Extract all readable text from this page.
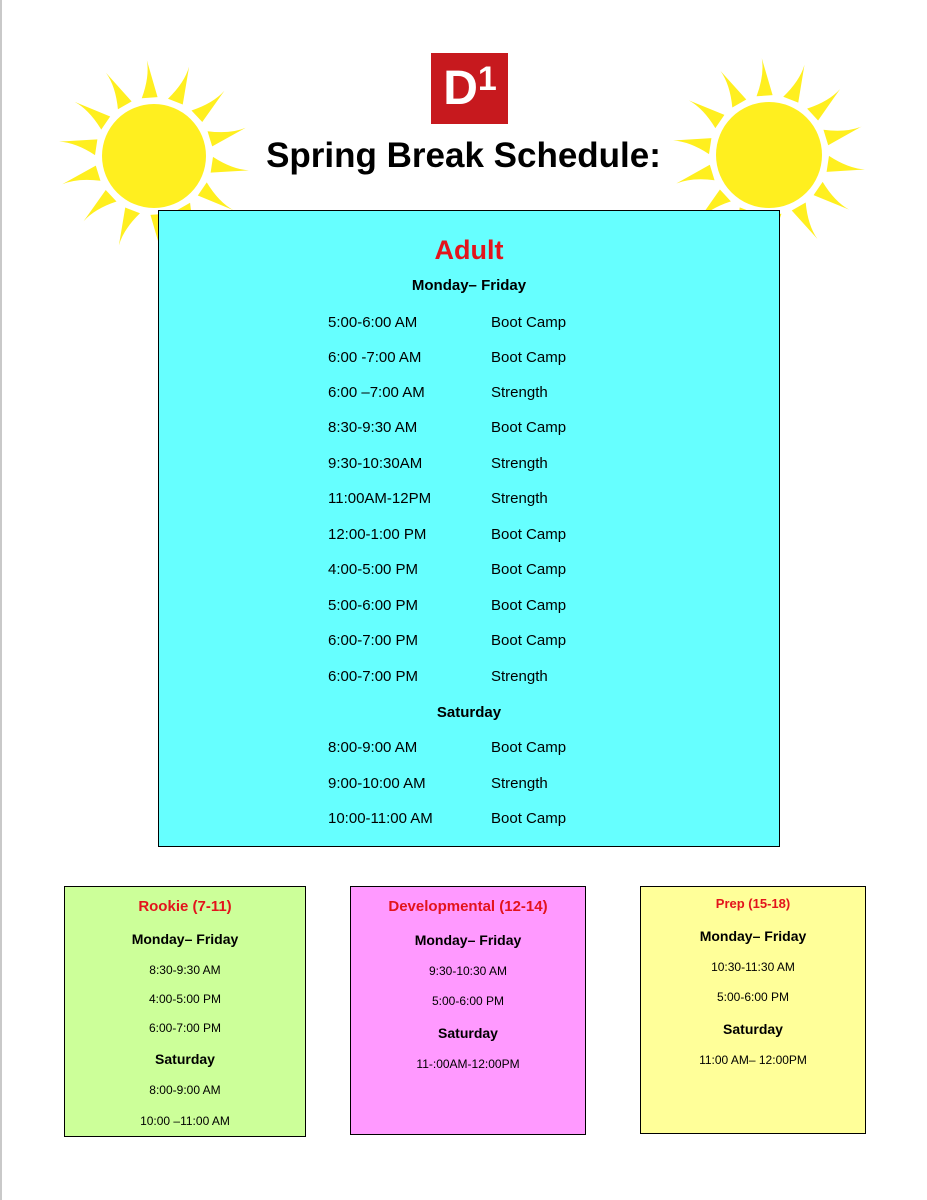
D 1
Spring Break Schedule:
Adult
Monday– Friday
5:00-6:00 AM	Boot Camp
6:00 -7:00 AM	Boot Camp
6:00 –7:00 AM	Strength
8:30-9:30 AM	Boot Camp
9:30-10:30AM	Strength
11:00AM-12PM	Strength
12:00-1:00 PM	Boot Camp
4:00-5:00 PM	Boot Camp
5:00-6:00 PM	Boot Camp
6:00-7:00 PM	Boot Camp
6:00-7:00 PM	Strength
Saturday
8:00-9:00 AM	Boot Camp
9:00-10:00 AM	Strength
10:00-11:00 AM	Boot Camp
Rookie (7-11)
Monday– Friday
8:30-9:30 AM
4:00-5:00 PM
6:00-7:00 PM
Saturday
8:00-9:00 AM
10:00 –11:00 AM
Developmental (12-14)
Monday– Friday
9:30-10:30 AM
5:00-6:00 PM
Saturday
11-:00AM-12:00PM
Prep (15-18)
Monday– Friday
10:30-11:30 AM
5:00-6:00 PM
Saturday
11:00 AM– 12:00PM
